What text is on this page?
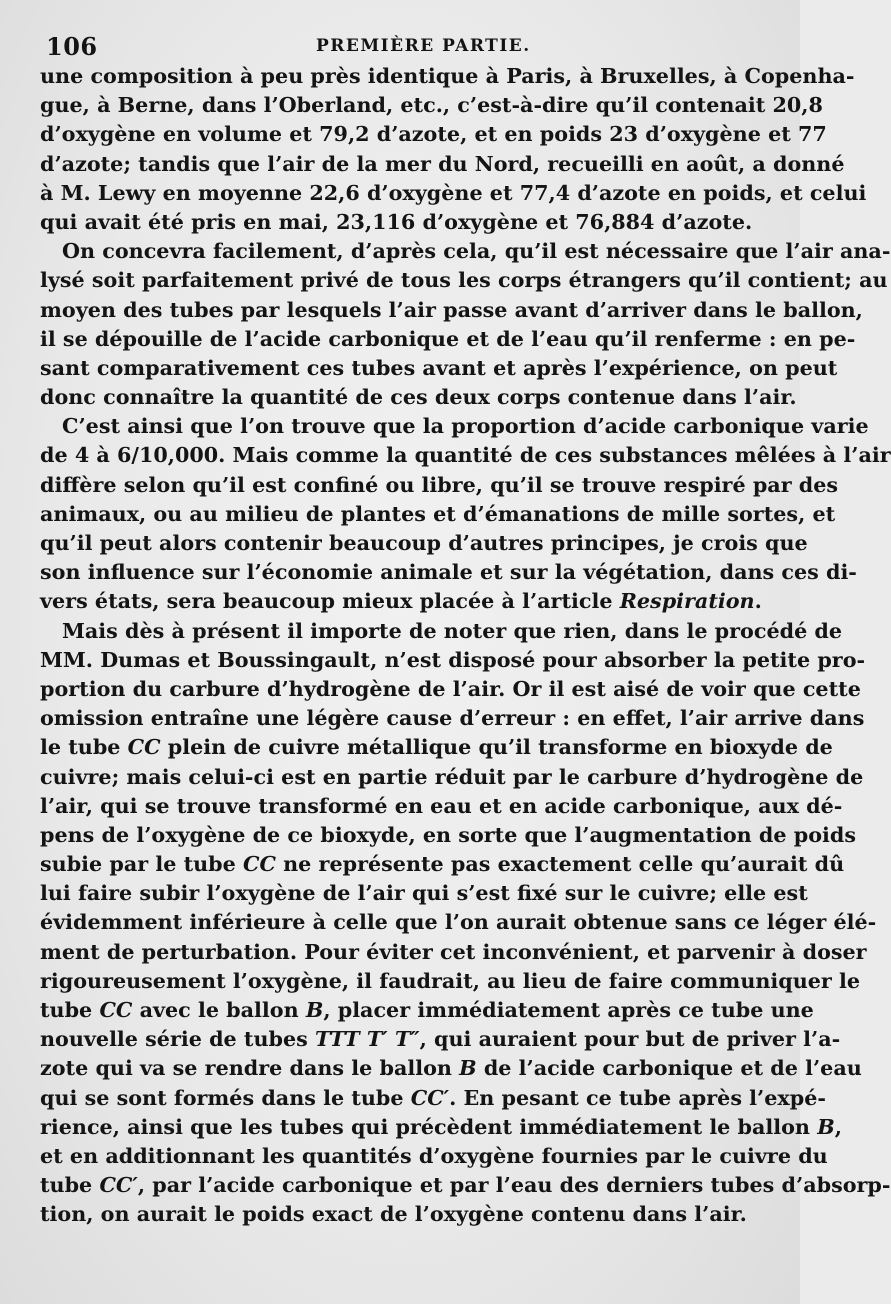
106	PREMIÈRE PARTIE.
une composition à peu près identique à Paris, à Bruxelles, à Copenha-
gue, à Berne, dans l’Oberland, etc., c’est-à-dire qu’il contenait 20,8
d’oxygène en volume et 79,2 d’azote, et en poids 23 d’oxygène et 77
d’azote; tandis que l’air de la mer du Nord, recueilli en août, a donné
à M. Lewy en moyenne 22,6 d’oxygène et 77,4 d’azote en poids, et celui
qui avait été pris en mai, 23,116 d’oxygène et 76,884 d’azote.
On concevra facilement, d’après cela, qu’il est nécessaire que l’air ana-
lysé soit parfaitement privé de tous les corps étrangers qu’il contient; au
moyen des tubes par lesquels l’air passe avant d’arriver dans le ballon,
il se dépouille de l’acide carbonique et de l’eau qu’il renferme : en pe-
sant comparativement ces tubes avant et après l’expérience, on peut
donc connaître la quantité de ces deux corps contenue dans l’air.
C’est ainsi que l’on trouve que la proportion d’acide carbonique varie
de 4 à 6/10,000. Mais comme la quantité de ces substances mêlées à l’air
diffère selon qu’il est confiné ou libre, qu’il se trouve respiré par des
animaux, ou au milieu de plantes et d’émanations de mille sortes, et
qu’il peut alors contenir beaucoup d’autres principes, je crois que
son influence sur l’économie animale et sur la végétation, dans ces di-
vers états, sera beaucoup mieux placée à l’article Respiration.
Mais dès à présent il importe de noter que rien, dans le procédé de
MM. Dumas et Boussingault, n’est disposé pour absorber la petite pro-
portion du carbure d’hydrogène de l’air. Or il est aisé de voir que cette
omission entraîne une légère cause d’erreur : en effet, l’air arrive dans
le tube CC plein de cuivre métallique qu’il transforme en bioxyde de
cuivre; mais celui-ci est en partie réduit par le carbure d’hydrogène de
l’air, qui se trouve transformé en eau et en acide carbonique, aux dé-
pens de l’oxygène de ce bioxyde, en sorte que l’augmentation de poids
subie par le tube CC ne représente pas exactement celle qu’aurait dû
lui faire subir l’oxygène de l’air qui s’est fixé sur le cuivre; elle est
évidemment inférieure à celle que l’on aurait obtenue sans ce léger élé-
ment de perturbation. Pour éviter cet inconvénient, et parvenir à doser
rigoureusement l’oxygène, il faudrait, au lieu de faire communiquer le
tube CC avec le ballon B, placer immédiatement après ce tube une
nouvelle série de tubes TTT T′ T″, qui auraient pour but de priver l’a-
zote qui va se rendre dans le ballon B de l’acide carbonique et de l’eau
qui se sont formés dans le tube CC′. En pesant ce tube après l’expé-
rience, ainsi que les tubes qui précèdent immédiatement le ballon B,
et en additionnant les quantités d’oxygène fournies par le cuivre du
tube CC′, par l’acide carbonique et par l’eau des derniers tubes d’absorp-
tion, on aurait le poids exact de l’oxygène contenu dans l’air.
